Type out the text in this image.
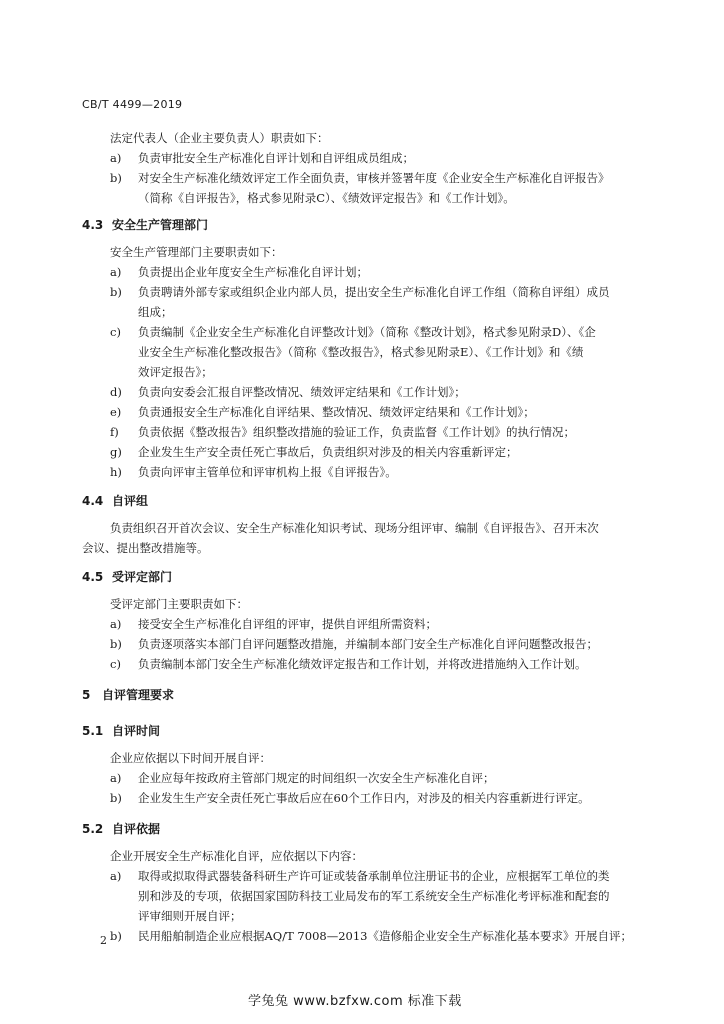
CB/T 4499—2019
法定代表人（企业主要负责人）职责如下：
a) 负责审批安全生产标准化自评计划和自评组成员组成；
b) 对安全生产标准化绩效评定工作全面负责，审核并签署年度《企业安全生产标准化自评报告》
（简称《自评报告》，格式参见附录C）、《绩效评定报告》和《工作计划》。
4.3 安全生产管理部门
安全生产管理部门主要职责如下：
a) 负责提出企业年度安全生产标准化自评计划；
b) 负责聘请外部专家或组织企业内部人员，提出安全生产标准化自评工作组（简称自评组）成员
组成；
c) 负责编制《企业安全生产标准化自评整改计划》（简称《整改计划》，格式参见附录D）、《企
业安全生产标准化整改报告》（简称《整改报告》，格式参见附录E）、《工作计划》和《绩
效评定报告》；
d) 负责向安委会汇报自评整改情况、绩效评定结果和《工作计划》；
e) 负责通报安全生产标准化自评结果、整改情况、绩效评定结果和《工作计划》；
f) 负责依据《整改报告》组织整改措施的验证工作，负责监督《工作计划》的执行情况；
g) 企业发生生产安全责任死亡事故后，负责组织对涉及的相关内容重新评定；
h) 负责向评审主管单位和评审机构上报《自评报告》。
4.4 自评组
负责组织召开首次会议、安全生产标准化知识考试、现场分组评审、编制《自评报告》、召开末次
会议、提出整改措施等。
4.5 受评定部门
受评定部门主要职责如下：
a) 接受安全生产标准化自评组的评审，提供自评组所需资料；
b) 负责逐项落实本部门自评问题整改措施，并编制本部门安全生产标准化自评问题整改报告；
c) 负责编制本部门安全生产标准化绩效评定报告和工作计划，并将改进措施纳入工作计划。
5 自评管理要求
5.1 自评时间
企业应依据以下时间开展自评：
a) 企业应每年按政府主管部门规定的时间组织一次安全生产标准化自评；
b) 企业发生生产安全责任死亡事故后应在60个工作日内，对涉及的相关内容重新进行评定。
5.2 自评依据
企业开展安全生产标准化自评，应依据以下内容：
a) 取得或拟取得武器装备科研生产许可证或装备承制单位注册证书的企业，应根据军工单位的类
别和涉及的专项，依据国家国防科技工业局发布的军工系统安全生产标准化考评标准和配套的
评审细则开展自评；
b) 民用船舶制造企业应根据AQ/T 7008—2013《造修船企业安全生产标准化基本要求》开展自评；
2
学兔兔 www.bzfxw.com 标准下载
